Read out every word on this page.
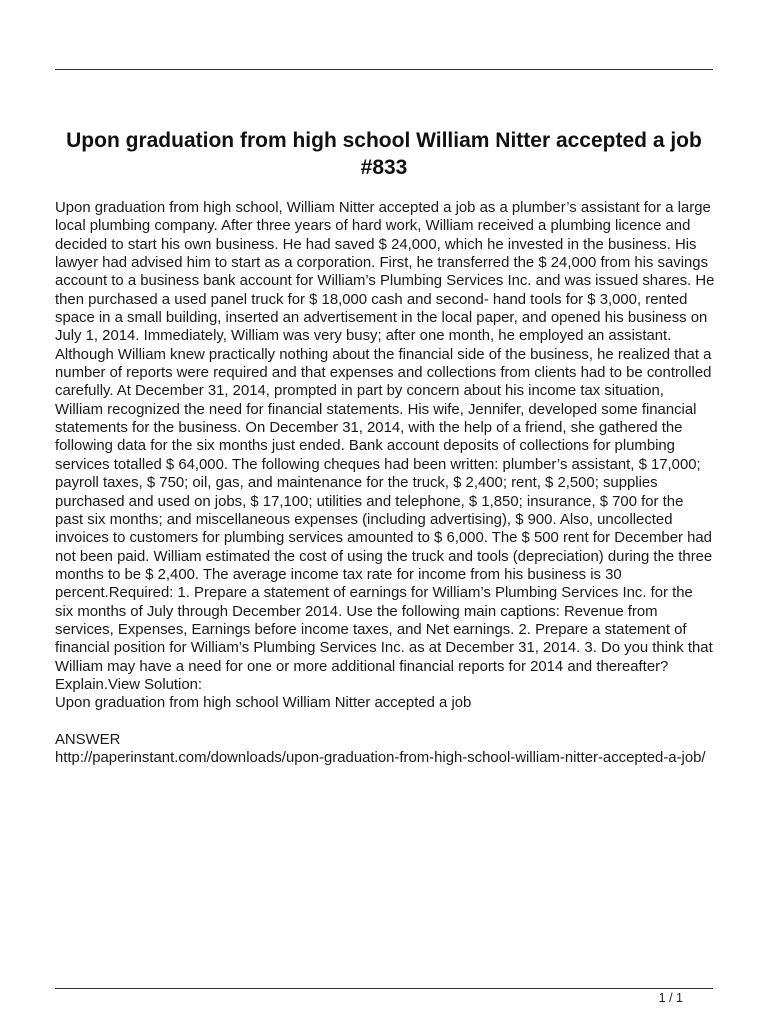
Upon graduation from high school William Nitter accepted a job #833

Upon graduation from high school, William Nitter accepted a job as a plumber’s assistant for a large local plumbing company. After three years of hard work, William received a plumbing licence and decided to start his own business. He had saved $ 24,000, which he invested in the business. His lawyer had advised him to start as a corporation. First, he transferred the $ 24,000 from his savings account to a business bank account for William’s Plumbing Services Inc. and was issued shares. He then purchased a used panel truck for $ 18,000 cash and second- hand tools for $ 3,000, rented space in a small building, inserted an advertisement in the local paper, and opened his business on July 1, 2014. Immediately, William was very busy; after one month, he employed an assistant. Although William knew practically nothing about the financial side of the business, he realized that a number of reports were required and that expenses and collections from clients had to be controlled carefully. At December 31, 2014, prompted in part by concern about his income tax situation, William recognized the need for financial statements. His wife, Jennifer, developed some financial statements for the business. On December 31, 2014, with the help of a friend, she gathered the following data for the six months just ended. Bank account deposits of collections for plumbing services totalled $ 64,000. The following cheques had been written: plumber’s assistant, $ 17,000; payroll taxes, $ 750; oil, gas, and maintenance for the truck, $ 2,400; rent, $ 2,500; supplies purchased and used on jobs, $ 17,100; utilities and telephone, $ 1,850; insurance, $ 700 for the past six months; and miscellaneous expenses (including advertising), $ 900. Also, uncollected invoices to customers for plumbing services amounted to $ 6,000. The $ 500 rent for December had not been paid. William estimated the cost of using the truck and tools (depreciation) during the three months to be $ 2,400. The average income tax rate for income from his business is 30 percent.Required: 1. Prepare a statement of earnings for William’s Plumbing Services Inc. for the six months of July through December 2014. Use the following main captions: Revenue from services, Expenses, Earnings before income taxes, and Net earnings. 2. Prepare a statement of financial position for William’s Plumbing Services Inc. as at December 31, 2014. 3. Do you think that William may have a need for one or more additional financial reports for 2014 and thereafter? Explain.View Solution:

Upon graduation from high school William Nitter accepted a job

ANSWER

http://paperinstant.com/downloads/upon-graduation-from-high-school-william-nitter-accepted-a-job/
1 / 1
